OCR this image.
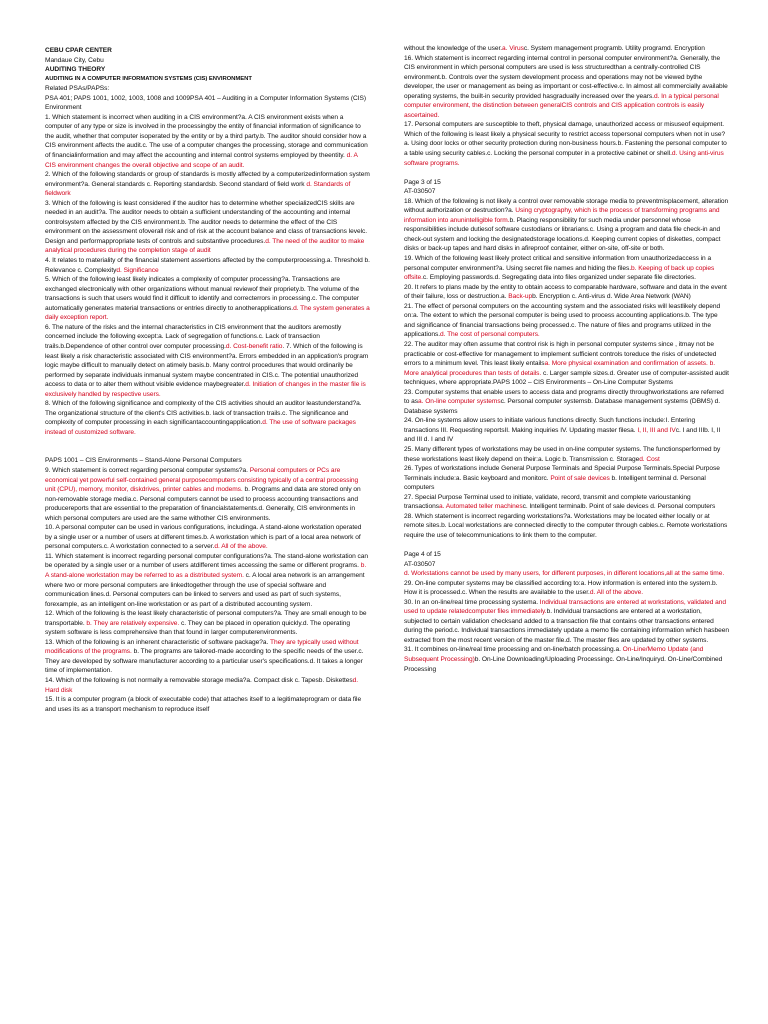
CEBU CPAR CENTER

Mandaue City, Cebu

AUDITING THEORY

AUDITING IN A COMPUTER INFORMATION SYSTEMS (CIS) ENVIRONMENT

Related PSAs/PAPSs:

PSA 401; PAPS 1001, 1002, 1003, 1008 and 1009PSA 401 – Auditing in a Computer Information Systems (CIS) Environment

1. Which statement is incorrect when auditing in a CIS environment?a. A CIS environment exists when a computer of any type or size is involved in the processingby the entity of financial information of significance to the audit, whether that computer isoperated by the entity or by a third party.b. The auditor should consider how a CIS environment affects the audit.c. The use of a computer changes the processing, storage and communication of financialinformation and may affect the accounting and internal control systems employed by theentity. d. A CIS environment changes the overall objective and scope of an audit.

2. Which of the following standards or group of standards is mostly affected by a computerizedinformation system environment?a. General standards c. Reporting standardsb. Second standard of field work d. Standards of fieldwork

3. Which of the following is least considered if the auditor has to determine whether specializedCIS skills are needed in an audit?a. The auditor needs to obtain a sufficient understanding of the accounting and internal controlsystem affected by the CIS environment.b. The auditor needs to determine the effect of the CIS environment on the assessment ofoverall risk and of risk at the account balance and class of transactions levelc. Design and performappropriate tests of controls and substantive procedures.d. The need of the auditor to make analytical procedures during the completion stage of audit

4. It relates to materiality of the financial statement assertions affected by the computerprocessing.a. Threshold b. Relevance c. Complexityd. Significance

5. Which of the following least likely indicates a complexity of computer processing?a. Transactions are exchanged electronically with other organizations without manual reviewof their propriety.b. The volume of the transactions is such that users would find it difficult to identify and correcterrors in processing.c. The computer automatically generates material transactions or entries directly to anotherapplications.d. The system generates a daily exception report.

6. The nature of the risks and the internal characteristics in CIS environment that the auditors aremostly concerned include the following except:a. Lack of segregation of functions.c. Lack of transaction trails.b.Dependence of other control over computer processing.d. Cost-benefit ratio. 7. Which of the following is least likely a risk characteristic associated with CIS environment?a. Errors embedded in an application's program logic maybe difficult to manually detect on atimely basis.b. Many control procedures that would ordinarily be performed by separate individuals inmanual system maybe concentrated in CIS.c. The potential unauthorized access to data or to alter them without visible evidence maybegreater.d. Initiation of changes in the master file is exclusively handled by respective users.

8. Which of the following significance and complexity of the CIS activities should an auditor leastunderstand?a. The organizational structure of the client's CIS activities.b. lack of transaction trails.c. The significance and complexity of computer processing in each significantaccountingapplication.d. The use of software packages instead of customized software.

PAPS 1001 – CIS Environments – Stand-Alone Personal Computers

9. Which statement is correct regarding personal computer systems?a. Personal computers or PCs are economical yet powerful self-contained general purposecomputers consisting typically of a central processing unit (CPU), memory, monitor, diskdrives, printer cables and modems. b. Programs and data are stored only on non-removable storage media.c. Personal computers cannot be used to process accounting transactions and producereports that are essential to the preparation of financialstatements.d. Generally, CIS environments in which personal computers are used are the same withother CIS environments.

10. A personal computer can be used in various configurations, includinga. A stand-alone workstation operated by a single user or a number of users at different times.b. A workstation which is part of a local area network of personal computers.c. A workstation connected to a server.d. All of the above.

11. Which statement is incorrect regarding personal computer configurations?a. The stand-alone workstation can be operated by a single user or a number of users atdifferent times accessing the same or different programs. b. A stand-alone workstation may be referred to as a distributed system. c. A local area network is an arrangement where two or more personal computers are linkedtogether through the use of special software and communication lines.d. Personal computers can be linked to servers and used as part of such systems, forexample, as an intelligent on-line workstation or as part of a distributed accounting system.

12. Which of the following is the least likely characteristic of personal computers?a. They are small enough to be transportable. b. They are relatively expensive. c. They can be placed in operation quickly.d. The operating system software is less comprehensive than that found in larger computerenvironments.

13. Which of the following is an inherent characteristic of software package?a. They are typically used without modifications of the programs. b. The programs are tailored-made according to the specific needs of the user.c. They are developed by software manufacturer according to a particular user's specifications.d. It takes a longer time of implementation.

14. Which of the following is not normally a removable storage media?a. Compact disk c. Tapesb. Diskettesd. Hard disk

15. It is a computer program (a block of executable code) that attaches itself to a legitimateprogram or data file and uses its as a transport mechanism to reproduce itself

without the knowledge of the user.a. Virusc. System management programb. Utility programd. Encryption

16. Which statement is incorrect regarding internal control in personal computer environment?a. Generally, the CIS environment in which personal computers are used is less structuredthan a centrally-controlled CIS environment.b. Controls over the system development process and operations may not be viewed bythe developer, the user or management as being as important or cost-effective.c. In almost all commercially available operating systems, the built-in security provided hasgradually increased over the years.d. In a typical personal computer environment, the distinction between generalCIS controls and CIS application controls is easily ascertained.

17. Personal computers are susceptible to theft, physical damage, unauthorized access or misuseof equipment. Which of the following is least likely a physical security to restrict access topersonal computers when not in use?a. Using door locks or other security protection during non-business hours.b. Fastening the personal computer to a table using security cables.c. Locking the personal computer in a protective cabinet or shell.d. Using anti-virus software programs.

Page 3 of 15

AT-030507

18. Which of the following is not likely a control over removable storage media to preventmisplacement, alteration without authorization or destruction?a. Using cryptography, which is the process of transforming programs and information into anunintelligible form.b. Placing responsibility for such media under personnel whose responsibilities include dutiesof software custodians or librarians.c. Using a program and data file check-in and check-out system and locking the designatedstorage locations.d. Keeping current copies of diskettes, compact disks or back-up tapes and hard disks in afireproof container, either on-site, off-site or both.

19. Which of the following least likely protect critical and sensitive information from unauthorizedaccess in a personal computer environment?a. Using secret file names and hiding the files.b. Keeping of back up copies offsite.c. Employing passwords.d. Segregating data into files organized under separate file directories.

20. It refers to plans made by the entity to obtain access to comparable hardware, software and data in the event of their failure, loss or destruction.a. Back-upb. Encryption c. Anti-virus d. Wide Area Network (WAN)

21. The effect of personal computers on the accounting system and the associated risks will leastlikely depend on:a. The extent to which the personal computer is being used to process accounting applications.b. The type and significance of financial transactions being processed.c. The nature of files and programs utilized in the applications.d. The cost of personal computers.

22. The auditor may often assume that control risk is high in personal computer systems since , itmay not be practicable or cost-effective for management to implement sufficient controls toreduce the risks of undetected errors to a minimum level. This least likely entailsa. More physical examination and confirmation of assets. b. More analytical procedures than tests of details. c. Larger sample sizes.d. Greater use of computer-assisted audit techniques, where appropriate.PAPS 1002 – CIS Environments – On-Line Computer Systems

23. Computer systems that enable users to access data and programs directly throughworkstations are referred to asa. On-line computer systemsc. Personal computer systemsb. Database management systems (DBMS) d. Database systems

24. On-line systems allow users to initiate various functions directly. Such functions include:I. Entering transactions III. Requesting reportsII. Making inquiries IV. Updating master filesa. I, II, III and IVc. I and IIIb. I, II and III d. I and IV

25. Many different types of workstations may be used in on-line computer systems. The functionsperformed by these workstations least likely depend on their:a. Logic b. Transmission c. Storaged. Cost

26. Types of workstations include General Purpose Terminals and Special Purpose Terminals.Special Purpose Terminals include:a. Basic keyboard and monitorc. Point of sale devices b. Intelligent terminal d. Personal computers

27. Special Purpose Terminal used to initiate, validate, record, transmit and complete varioustanking transactionsa. Automated teller machinesc. Intelligent terminalb. Point of sale devices d. Personal computers

28. Which statement is incorrect regarding workstations?a. Workstations may be located either locally or at remote sites.b. Local workstations are connected directly to the computer through cables.c. Remote workstations require the use of telecommunications to link them to the computer.

Page 4 of 15

AT-030507

d. Workstations cannot be used by many users, for different purposes, in different locations,all at the same time.

29. On-line computer systems may be classified according to:a. How information is entered into the system.b. How it is processed.c. When the results are available to the user.d. All of the above.

30. In an on-line/real time processing systema. Individual transactions are entered at workstations, validated and used to update relatedcomputer files immediately.b. Individual transactions are entered at a workstation, subjected to certain validation checksand added to a transaction file that contains other transactions entered during the period.c. Individual transactions immediately update a memo file containing information which hasbeen extracted from the most recent version of the master file.d. The master files are updated by other systems.

31. It combines on-line/real time processing and on-line/batch processing.a. On-Line/Memo Update (and Subsequent Processing)b. On-Line Downloading/Uploading Processingc. On-Line/Inquiryd. On-Line/Combined Processing
